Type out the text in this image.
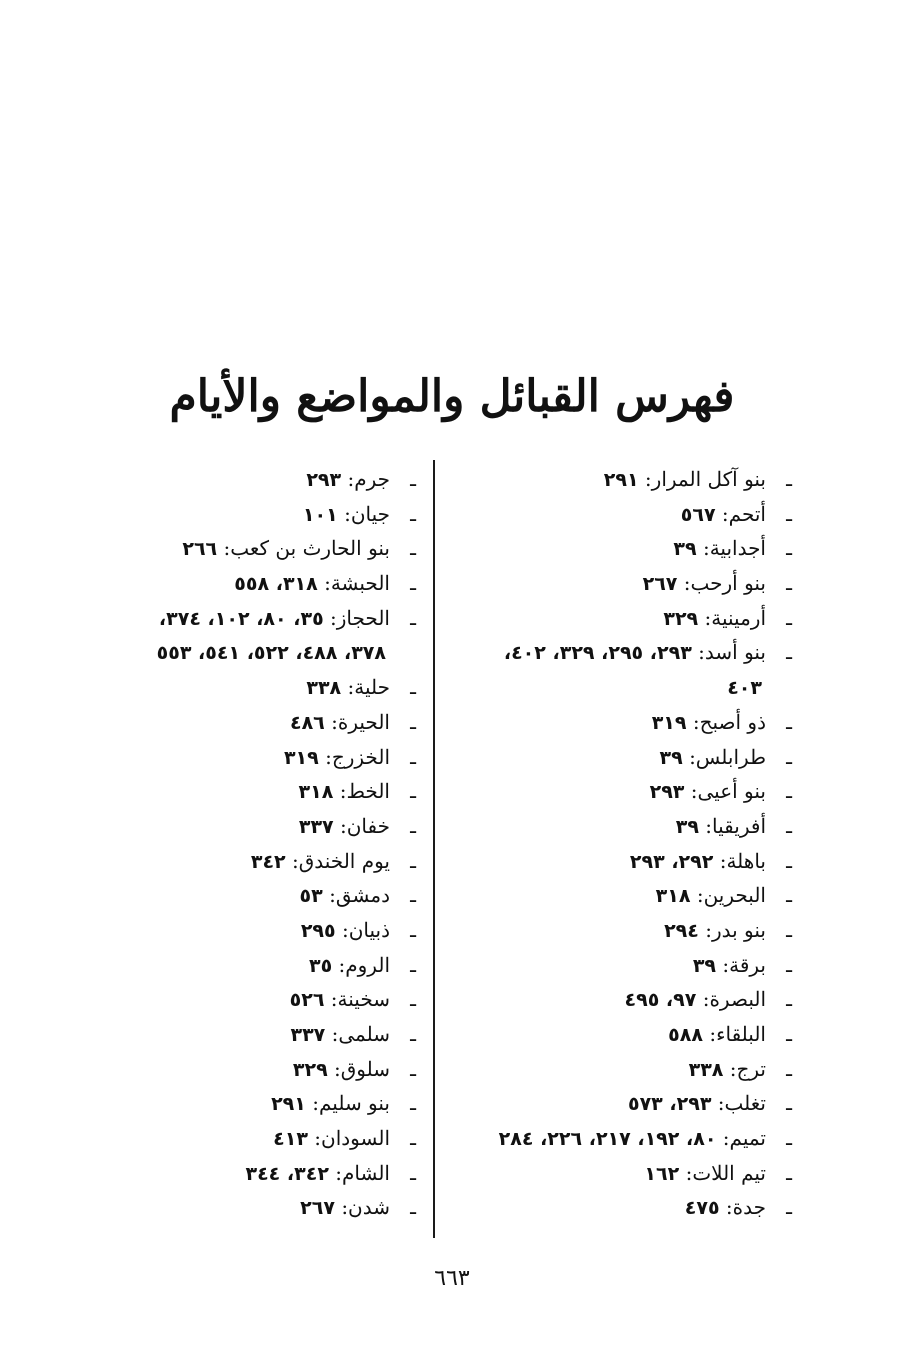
فهرس القبائل والمواضع والأيام
ـبنو آكل المرار: ٢٩١
ـأتحم: ٥٦٧
ـأجدابية: ٣٩
ـبنو أرحب: ٢٦٧
ـأرمينية: ٣٢٩
ـبنو أسد: ٢٩٣، ٢٩٥، ٣٢٩، ٤٠٢،
٤٠٣
ـذو أصبح: ٣١٩
ـطرابلس: ٣٩
ـبنو أعيى: ٢٩٣
ـأفريقيا: ٣٩
ـباهلة: ٢٩٢، ٢٩٣
ـالبحرين: ٣١٨
ـبنو بدر: ٢٩٤
ـبرقة: ٣٩
ـالبصرة: ٩٧، ٤٩٥
ـالبلقاء: ٥٨٨
ـترج: ٣٣٨
ـتغلب: ٢٩٣، ٥٧٣
ـتميم: ٨٠، ١٩٢، ٢١٧، ٢٢٦، ٢٨٤
ـتيم اللات: ١٦٢
ـجدة: ٤٧٥
ـجرم: ٢٩٣
ـجيان: ١٠١
ـبنو الحارث بن كعب: ٢٦٦
ـالحبشة: ٣١٨، ٥٥٨
ـالحجاز: ٣٥، ٨٠، ١٠٢، ٣٧٤،
٣٧٨، ٤٨٨، ٥٢٢، ٥٤١، ٥٥٣
ـحلية: ٣٣٨
ـالحيرة: ٤٨٦
ـالخزرج: ٣١٩
ـالخط: ٣١٨
ـخفان: ٣٣٧
ـيوم الخندق: ٣٤٢
ـدمشق: ٥٣
ـذبيان: ٢٩٥
ـالروم: ٣٥
ـسخينة: ٥٢٦
ـسلمى: ٣٣٧
ـسلوق: ٣٢٩
ـبنو سليم: ٢٩١
ـالسودان: ٤١٣
ـالشام: ٣٤٢، ٣٤٤
ـشدن: ٢٦٧
٦٦٣
